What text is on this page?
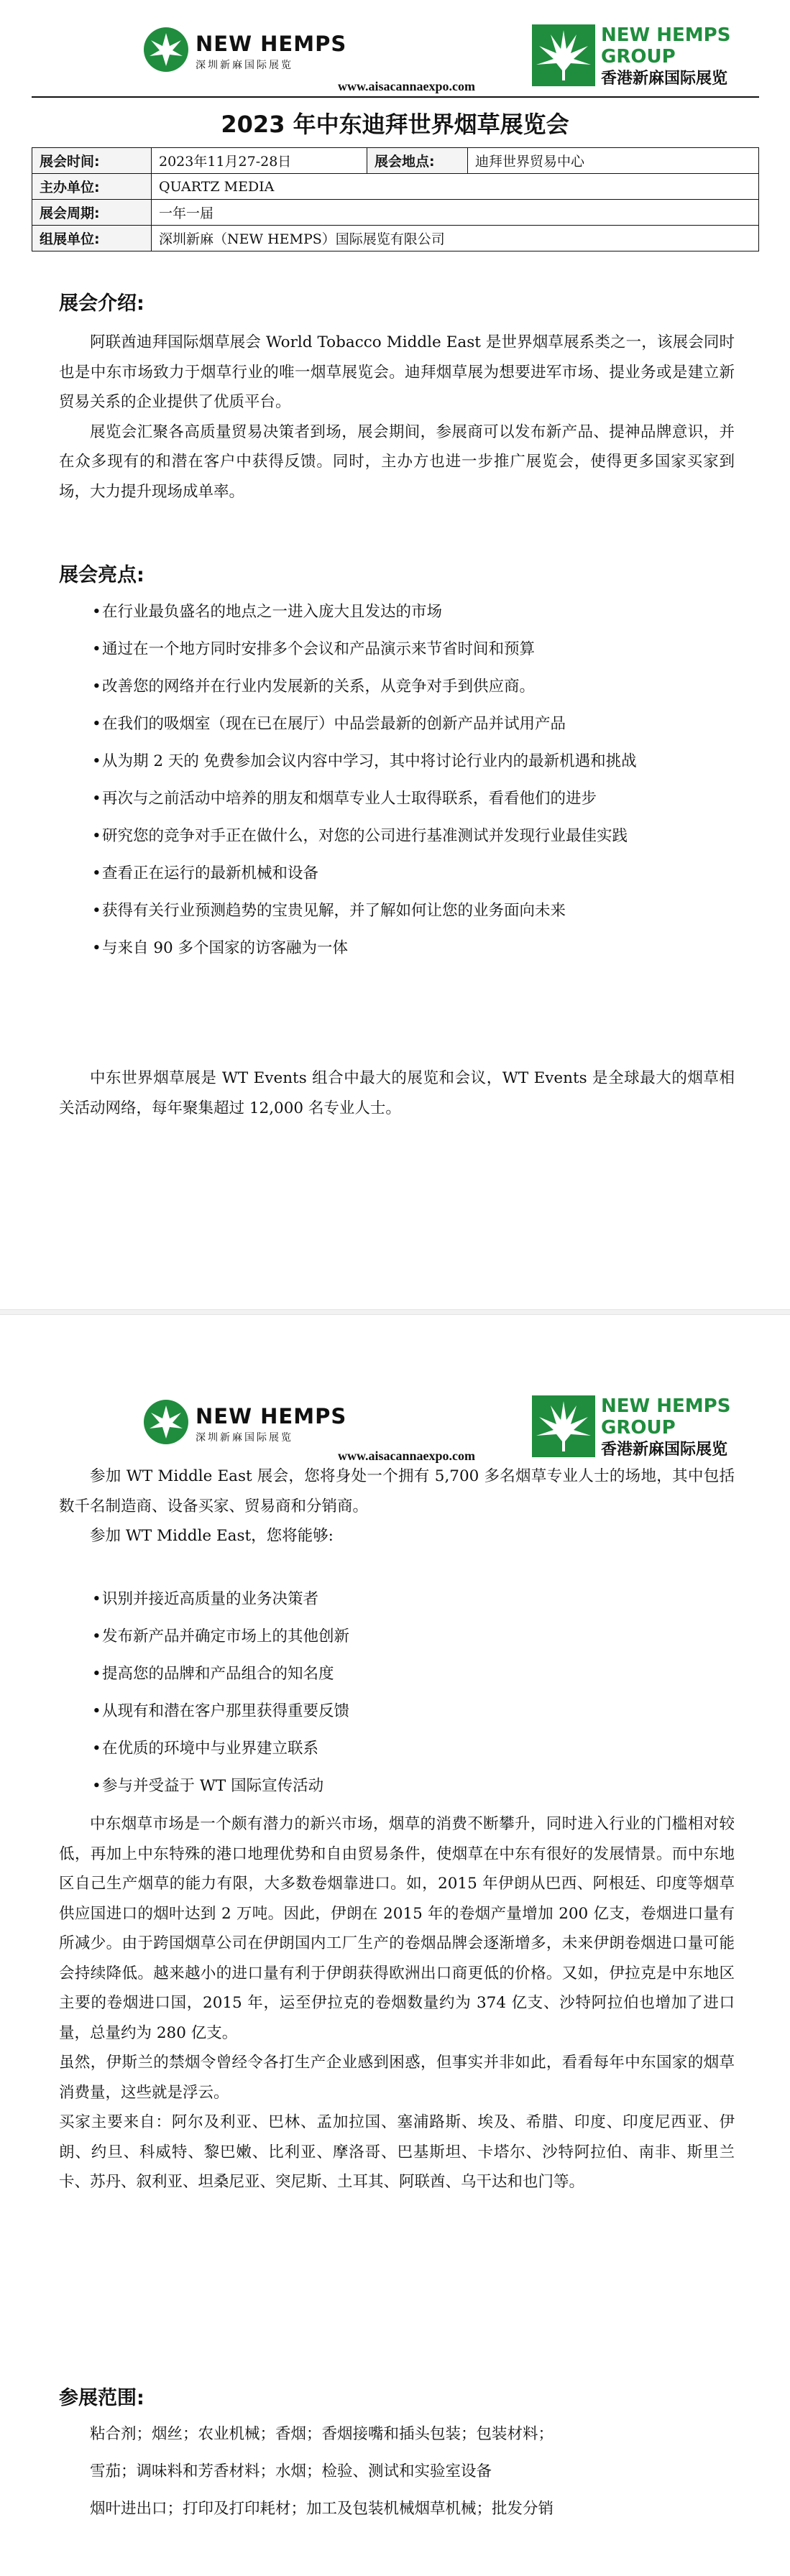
NEW HEMPS
深圳新麻国际展览
NEW HEMPS
GROUP
香港新麻国际展览
www.aisacannaexpo.com
2023 年中东迪拜世界烟草展览会
展会时间:	2023年11月27-28日	展会地点:	迪拜世界贸易中心
主办单位:	QUARTZ MEDIA		
展会周期:	一年一届		
组展单位:	深圳新麻（NEW HEMPS）国际展览有限公司		
展会介绍:

阿联酋迪拜国际烟草展会 World Tobacco Middle East 是世界烟草展系类之一，该展会同时也是中东市场致力于烟草行业的唯一烟草展览会。迪拜烟草展为想要进军市场、提业务或是建立新贸易关系的企业提供了优质平台。

展览会汇聚各高质量贸易决策者到场，展会期间，参展商可以发布新产品、提神品牌意识，并在众多现有的和潜在客户中获得反馈。同时，主办方也进一步推广展览会，使得更多国家买家到场，大力提升现场成单率。

展会亮点:
•在行业最负盛名的地点之一进入庞大且发达的市场
•通过在一个地方同时安排多个会议和产品演示来节省时间和预算
•改善您的网络并在行业内发展新的关系，从竞争对手到供应商。
•在我们的吸烟室（现在已在展厅）中品尝最新的创新产品并试用产品
•从为期 2 天的 免费参加会议内容中学习，其中将讨论行业内的最新机遇和挑战
•再次与之前活动中培养的朋友和烟草专业人士取得联系，看看他们的进步
•研究您的竞争对手正在做什么，对您的公司进行基准测试并发现行业最佳实践
•查看正在运行的最新机械和设备
•获得有关行业预测趋势的宝贵见解，并了解如何让您的业务面向未来
•与来自 90 多个国家的访客融为一体

中东世界烟草展是 WT Events 组合中最大的展览和会议，WT Events 是全球最大的烟草相关活动网络，每年聚集超过 12,000 名专业人士。

NEW HEMPS
深圳新麻国际展览
NEW HEMPS
GROUP
香港新麻国际展览
www.aisacannaexpo.com

参加 WT Middle East 展会，您将身处一个拥有 5,700 多名烟草专业人士的场地，其中包括数千名制造商、设备买家、贸易商和分销商。

参加 WT Middle East，您将能够:

•识别并接近高质量的业务决策者
•发布新产品并确定市场上的其他创新
•提高您的品牌和产品组合的知名度
•从现有和潜在客户那里获得重要反馈
•在优质的环境中与业界建立联系
•参与并受益于 WT 国际宣传活动

中东烟草市场是一个颇有潜力的新兴市场，烟草的消费不断攀升，同时进入行业的门槛相对较低，再加上中东特殊的港口地理优势和自由贸易条件，使烟草在中东有很好的发展情景。而中东地区自己生产烟草的能力有限，大多数卷烟靠进口。如，2015 年伊朗从巴西、阿根廷、印度等烟草供应国进口的烟叶达到 2 万吨。因此，伊朗在 2015 年的卷烟产量增加 200 亿支，卷烟进口量有所减少。由于跨国烟草公司在伊朗国内工厂生产的卷烟品牌会逐渐增多，未来伊朗卷烟进口量可能会持续降低。越来越小的进口量有利于伊朗获得欧洲出口商更低的价格。又如，伊拉克是中东地区主要的卷烟进口国，2015 年，运至伊拉克的卷烟数量约为 374 亿支、沙特阿拉伯也增加了进口量，总量约为 280 亿支。

虽然，伊斯兰的禁烟令曾经令各打生产企业感到困惑，但事实并非如此，看看每年中东国家的烟草消费量，这些就是浮云。

买家主要来自：阿尔及利亚、巴林、孟加拉国、塞浦路斯、埃及、希腊、印度、印度尼西亚、伊朗、约旦、科威特、黎巴嫩、比利亚、摩洛哥、巴基斯坦、卡塔尔、沙特阿拉伯、南非、斯里兰卡、苏丹、叙利亚、坦桑尼亚、突尼斯、土耳其、阿联酋、乌干达和也门等。

参展范围:

粘合剂；烟丝；农业机械；香烟；香烟接嘴和插头包装；包装材料；

雪茄；调味料和芳香材料；水烟；检验、测试和实验室设备

烟叶进出口；打印及打印耗材；加工及包装机械烟草机械；批发分销
